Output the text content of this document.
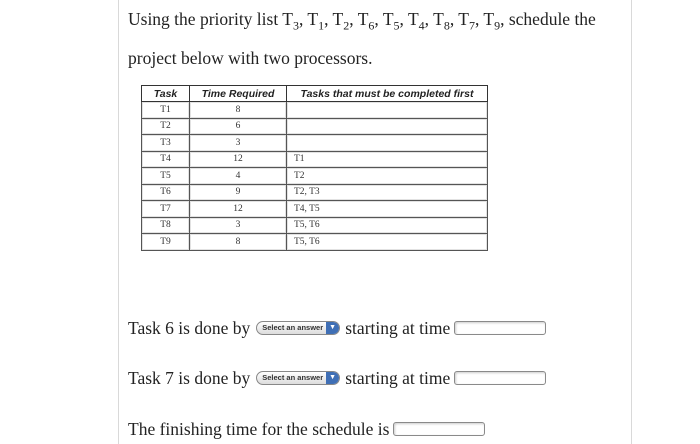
Using the priority list $T_3$, $T_1$, $T_2$, $T_6$, $T_5$, $T_4$, $T_8$, $T_7$, $T_9$, schedule the project below with two processors.
Task	Time Required	Tasks that must be completed first
T1	8	
T2	6	
T3	3	
T4	12	T1
T5	4	T2
T6	9	T2, T3
T7	12	T4, T5
T8	3	T5, T6
T9	8	T5, T6
Task 6 is done by Select an answer ▼ starting at time
Task 7 is done by Select an answer ▼ starting at time
The finishing time for the schedule is
